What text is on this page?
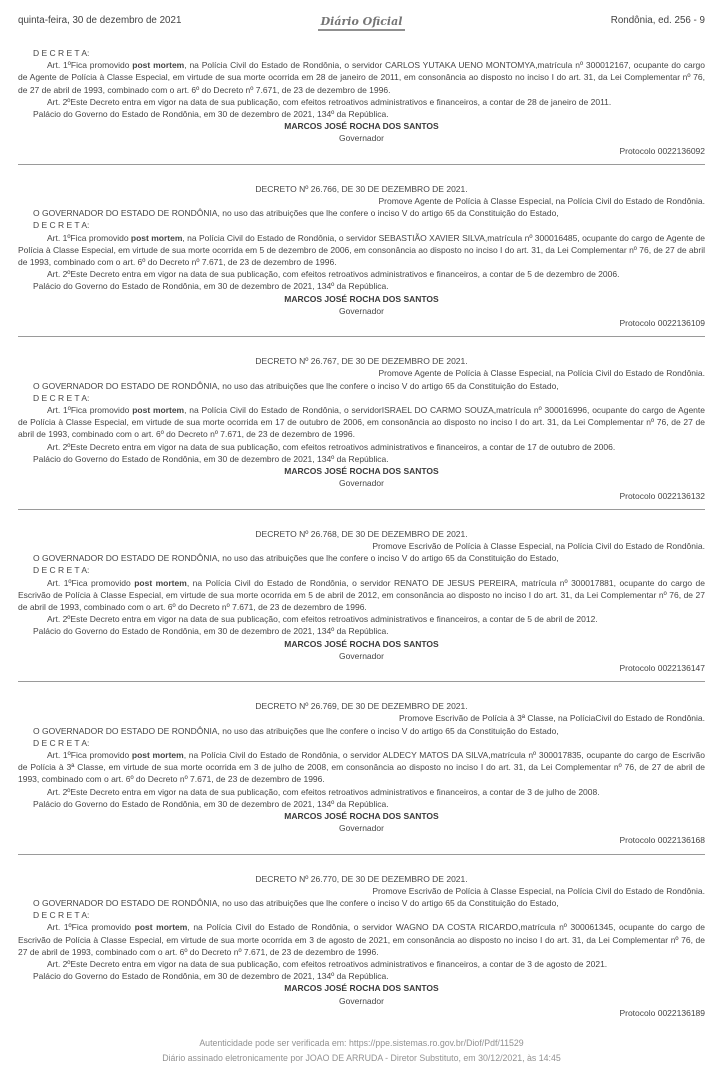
quinta-feira, 30 de dezembro de 2021	Diário Oficial	Rondônia, ed. 256 - 9

D E C R E T A:

Art. 1ºFica promovido post mortem, na Polícia Civil do Estado de Rondônia, o servidor CARLOS YUTAKA UENO MONTOMYA,matrícula nº 300012167, ocupante do cargo de Agente de Polícia à Classe Especial, em virtude de sua morte ocorrida em 28 de janeiro de 2011, em consonância ao disposto no inciso I do art. 31, da Lei Complementar nº 76, de 27 de abril de 1993, combinado com o art. 6º do Decreto nº 7.671, de 23 de dezembro de 1996.

Art. 2ºEste Decreto entra em vigor na data de sua publicação, com efeitos retroativos administrativos e financeiros, a contar de 28 de janeiro de 2011.

Palácio do Governo do Estado de Rondônia, em 30 de dezembro de 2021, 134º da República.

MARCOS JOSÉ ROCHA DOS SANTOS

Governador

Protocolo 0022136092

DECRETO Nº 26.766, DE 30 DE DEZEMBRO DE 2021.

Promove Agente de Polícia à Classe Especial, na Polícia Civil do Estado de Rondônia.

O GOVERNADOR DO ESTADO DE RONDÔNIA, no uso das atribuições que lhe confere o inciso V do artigo 65 da Constituição do Estado,

D E C R E T A:

Art. 1ºFica promovido post mortem, na Polícia Civil do Estado de Rondônia, o servidor SEBASTIÃO XAVIER SILVA,matrícula nº 300016485, ocupante do cargo de Agente de Polícia à Classe Especial, em virtude de sua morte ocorrida em 5 de dezembro de 2006, em consonância ao disposto no inciso I do art. 31, da Lei Complementar nº 76, de 27 de abril de 1993, combinado com o art. 6º do Decreto nº 7.671, de 23 de dezembro de 1996.

Art. 2ºEste Decreto entra em vigor na data de sua publicação, com efeitos retroativos administrativos e financeiros, a contar de 5 de dezembro de 2006.

Palácio do Governo do Estado de Rondônia, em 30 de dezembro de 2021, 134º da República.

MARCOS JOSÉ ROCHA DOS SANTOS

Governador

Protocolo 0022136109

DECRETO Nº 26.767, DE 30 DE DEZEMBRO DE 2021.

Promove Agente de Polícia à Classe Especial, na Polícia Civil do Estado de Rondônia.

O GOVERNADOR DO ESTADO DE RONDÔNIA, no uso das atribuições que lhe confere o inciso V do artigo 65 da Constituição do Estado,

D E C R E T A:

Art. 1ºFica promovido post mortem, na Polícia Civil do Estado de Rondônia, o servidorISRAEL DO CARMO SOUZA,matrícula nº 300016996, ocupante do cargo de Agente de Polícia à Classe Especial, em virtude de sua morte ocorrida em 17 de outubro de 2006, em consonância ao disposto no inciso I do art. 31, da Lei Complementar nº 76, de 27 de abril de 1993, combinado com o art. 6º do Decreto nº 7.671, de 23 de dezembro de 1996.

Art. 2ºEste Decreto entra em vigor na data de sua publicação, com efeitos retroativos administrativos e financeiros, a contar de 17 de outubro de 2006.

Palácio do Governo do Estado de Rondônia, em 30 de dezembro de 2021, 134º da República.

MARCOS JOSÉ ROCHA DOS SANTOS

Governador

Protocolo 0022136132

DECRETO Nº 26.768, DE 30 DE DEZEMBRO DE 2021.

Promove Escrivão de Polícia à Classe Especial, na Polícia Civil do Estado de Rondônia.

O GOVERNADOR DO ESTADO DE RONDÔNIA, no uso das atribuições que lhe confere o inciso V do artigo 65 da Constituição do Estado,

D E C R E T A:

Art. 1ºFica promovido post mortem, na Polícia Civil do Estado de Rondônia, o servidor RENATO DE JESUS PEREIRA, matrícula nº 300017881, ocupante do cargo de Escrivão de Polícia à Classe Especial, em virtude de sua morte ocorrida em 5 de abril de 2012, em consonância ao disposto no inciso I do art. 31, da Lei Complementar nº 76, de 27 de abril de 1993, combinado com o art. 6º do Decreto nº 7.671, de 23 de dezembro de 1996.

Art. 2ºEste Decreto entra em vigor na data de sua publicação, com efeitos retroativos administrativos e financeiros, a contar de 5 de abril de 2012.

Palácio do Governo do Estado de Rondônia, em 30 de dezembro de 2021, 134º da República.

MARCOS JOSÉ ROCHA DOS SANTOS

Governador

Protocolo 0022136147

DECRETO Nº 26.769, DE 30 DE DEZEMBRO DE 2021.

Promove Escrivão de Polícia à 3ª Classe, na PolíciaCivil do Estado de Rondônia.

O GOVERNADOR DO ESTADO DE RONDÔNIA, no uso das atribuições que lhe confere o inciso V do artigo 65 da Constituição do Estado,

D E C R E T A:

Art. 1ºFica promovido post mortem, na Polícia Civil do Estado de Rondônia, o servidor ALDECY MATOS DA SILVA,matrícula nº 300017835, ocupante do cargo de Escrivão de Polícia à 3ª Classe, em virtude de sua morte ocorrida em 3 de julho de 2008, em consonância ao disposto no inciso I do art. 31, da Lei Complementar nº 76, de 27 de abril de 1993, combinado com o art. 6º do Decreto nº 7.671, de 23 de dezembro de 1996.

Art. 2ºEste Decreto entra em vigor na data de sua publicação, com efeitos retroativos administrativos e financeiros, a contar de 3 de julho de 2008.

Palácio do Governo do Estado de Rondônia, em 30 de dezembro de 2021, 134º da República.

MARCOS JOSÉ ROCHA DOS SANTOS

Governador

Protocolo 0022136168

DECRETO Nº 26.770, DE 30 DE DEZEMBRO DE 2021.

Promove Escrivão de Polícia à Classe Especial, na Polícia Civil do Estado de Rondônia.

O GOVERNADOR DO ESTADO DE RONDÔNIA, no uso das atribuições que lhe confere o inciso V do artigo 65 da Constituição do Estado,

D E C R E T A:

Art. 1ºFica promovido post mortem, na Polícia Civil do Estado de Rondônia, o servidor WAGNO DA COSTA RICARDO,matrícula nº 300061345, ocupante do cargo de Escrivão de Polícia à Classe Especial, em virtude de sua morte ocorrida em 3 de agosto de 2021, em consonância ao disposto no inciso I do art. 31, da Lei Complementar nº 76, de 27 de abril de 1993, combinado com o art. 6º do Decreto nº 7.671, de 23 de dezembro de 1996.

Art. 2ºEste Decreto entra em vigor na data de sua publicação, com efeitos retroativos administrativos e financeiros, a contar de 3 de agosto de 2021.

Palácio do Governo do Estado de Rondônia, em 30 de dezembro de 2021, 134º da República.

MARCOS JOSÉ ROCHA DOS SANTOS

Governador

Protocolo 0022136189

Autenticidade pode ser verificada em: https://ppe.sistemas.ro.gov.br/Diof/Pdf/11529
Diário assinado eletronicamente por JOAO DE ARRUDA - Diretor Substituto, em 30/12/2021, às 14:45
